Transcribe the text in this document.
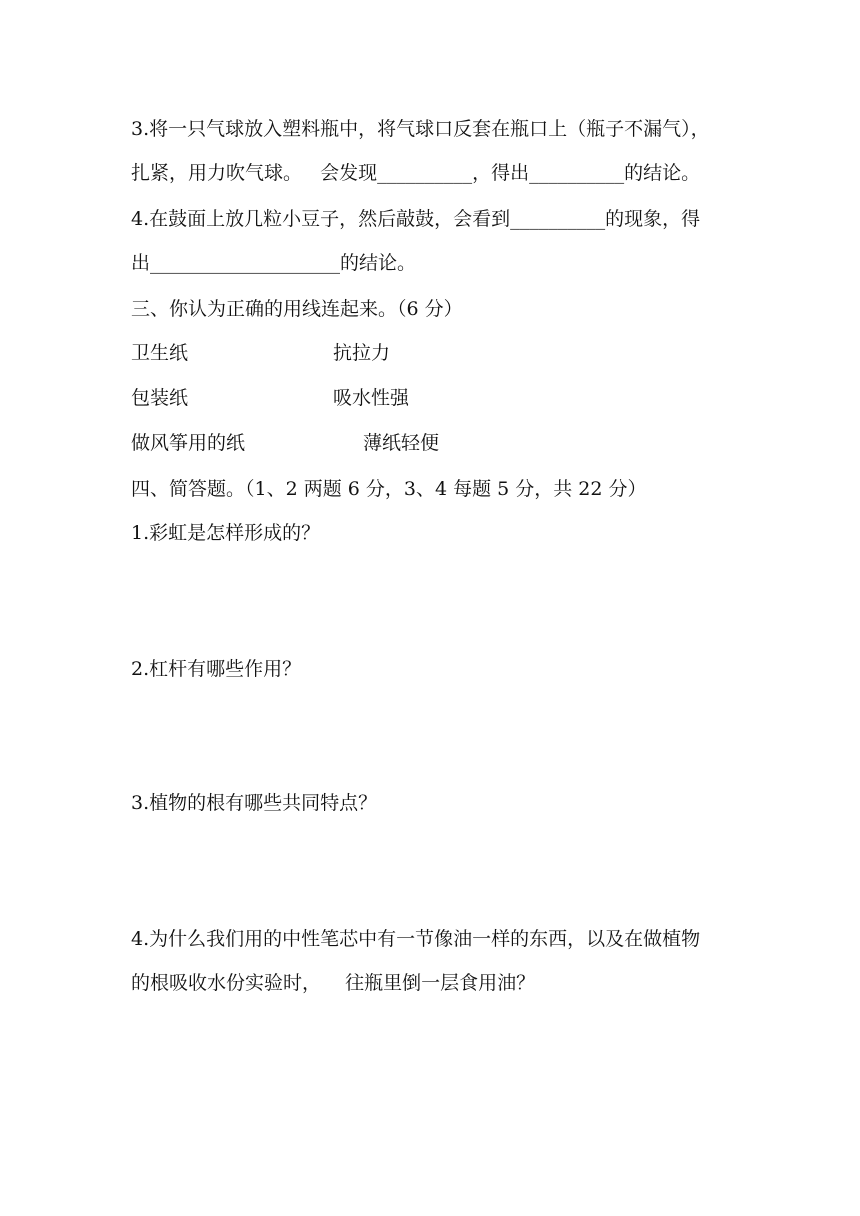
3.将一只气球放入塑料瓶中，将气球口反套在瓶口上（瓶子不漏气），
扎紧，用力吹气球。   会发现__________，得出__________的结论。
4.在鼓面上放几粒小豆子，然后敲鼓，会看到__________的现象，得
出____________________的结论。
三、你认为正确的用线连起来。（6 分）
卫生纸	抗拉力
包装纸	吸水性强
做风筝用的纸	薄纸轻便
四、简答题。（1、2 两题 6 分，3、4 每题 5 分，共 22 分）
1.彩虹是怎样形成的？
2.杠杆有哪些作用？
3.植物的根有哪些共同特点？
4.为什么我们用的中性笔芯中有一节像油一样的东西，以及在做植物
的根吸收水份实验时，    往瓶里倒一层食用油？
